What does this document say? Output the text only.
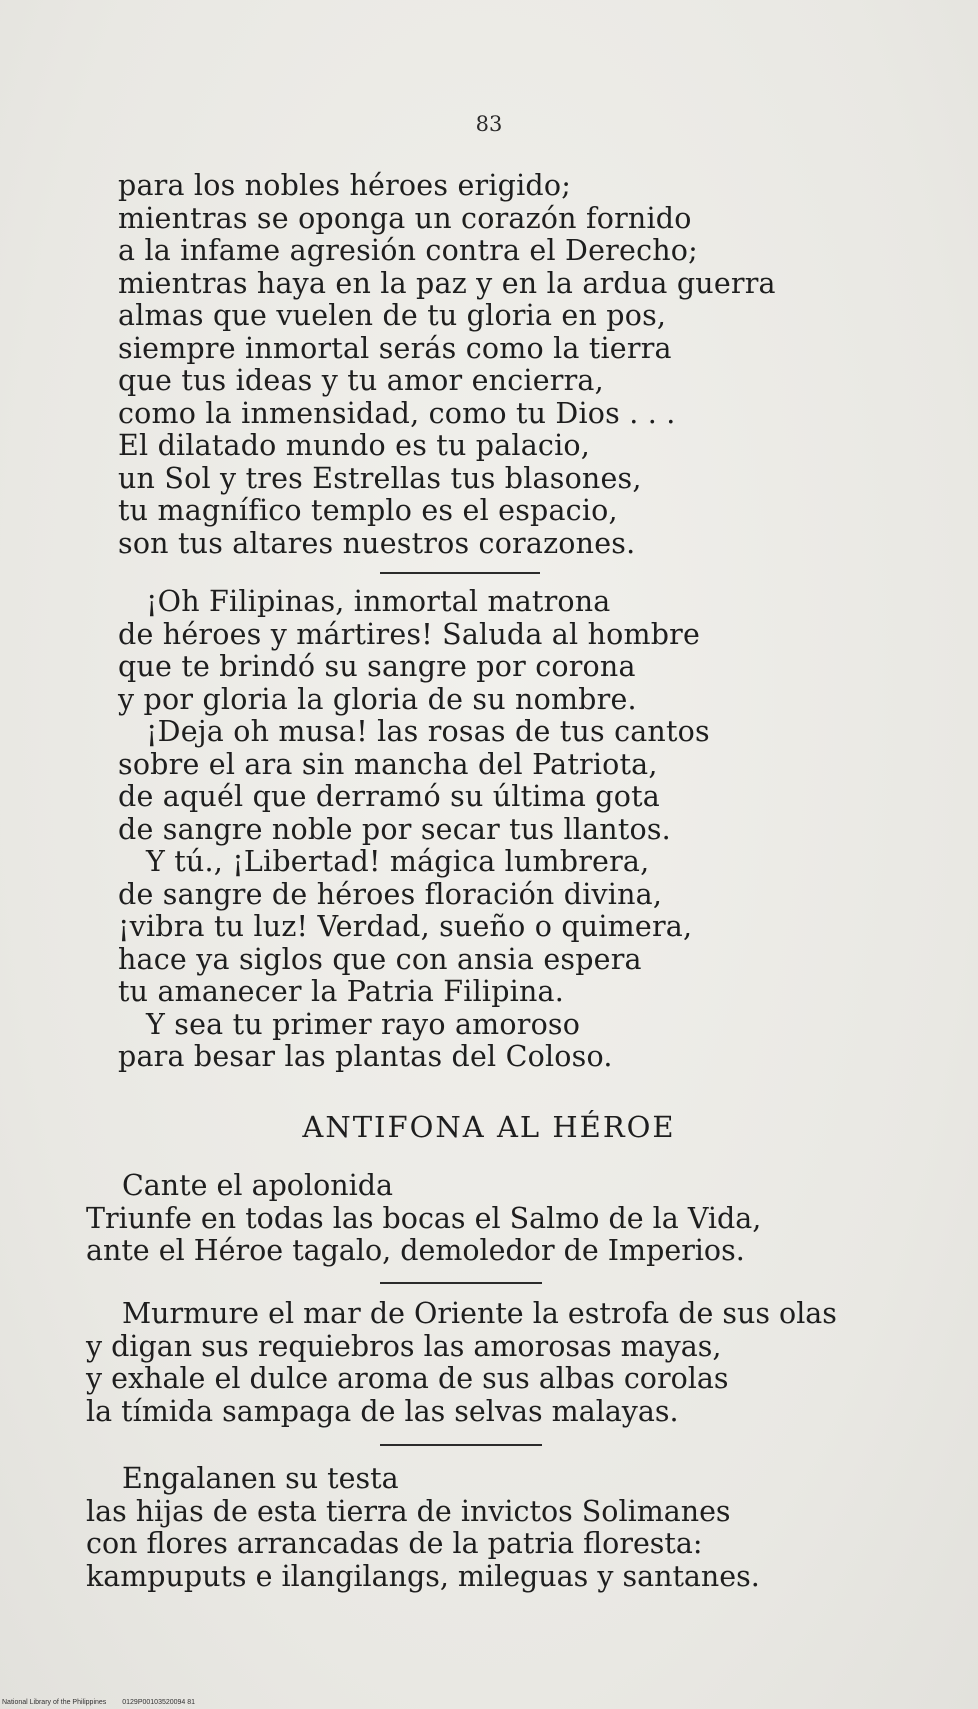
83
para los nobles héroes erigido;
mientras se oponga un corazón fornido
a la infame agresión contra el Derecho;
mientras haya en la paz y en la ardua guerra
almas que vuelen de tu gloria en pos,
siempre inmortal serás como la tierra
que tus ideas y tu amor encierra,
como la inmensidad, como tu Dios . . .
El dilatado mundo es tu palacio,
un Sol y tres Estrellas tus blasones,
tu magnífico templo es el espacio,
son tus altares nuestros corazones.
¡Oh Filipinas, inmortal matrona
de héroes y mártires! Saluda al hombre
que te brindó su sangre por corona
y por gloria la gloria de su nombre.
¡Deja oh musa! las rosas de tus cantos
sobre el ara sin mancha del Patriota,
de aquél que derramó su última gota
de sangre noble por secar tus llantos.
Y tú., ¡Libertad! mágica lumbrera,
de sangre de héroes floración divina,
¡vibra tu luz! Verdad, sueño o quimera,
hace ya siglos que con ansia espera
tu amanecer la Patria Filipina.
Y sea tu primer rayo amoroso
para besar las plantas del Coloso.
ANTIFONA AL HÉROE
Cante el apolonida
Triunfe en todas las bocas el Salmo de la Vida,
ante el Héroe tagalo, demoledor de Imperios.
Murmure el mar de Oriente la estrofa de sus olas
y digan sus requiebros las amorosas mayas,
y exhale el dulce aroma de sus albas corolas
la tímida sampaga de las selvas malayas.
Engalanen su testa
las hijas de esta tierra de invictos Solimanes
con flores arrancadas de la patria floresta:
kampuputs e ilangilangs, mileguas y santanes.
National Library of the Philippines 0129P00103520094 81
